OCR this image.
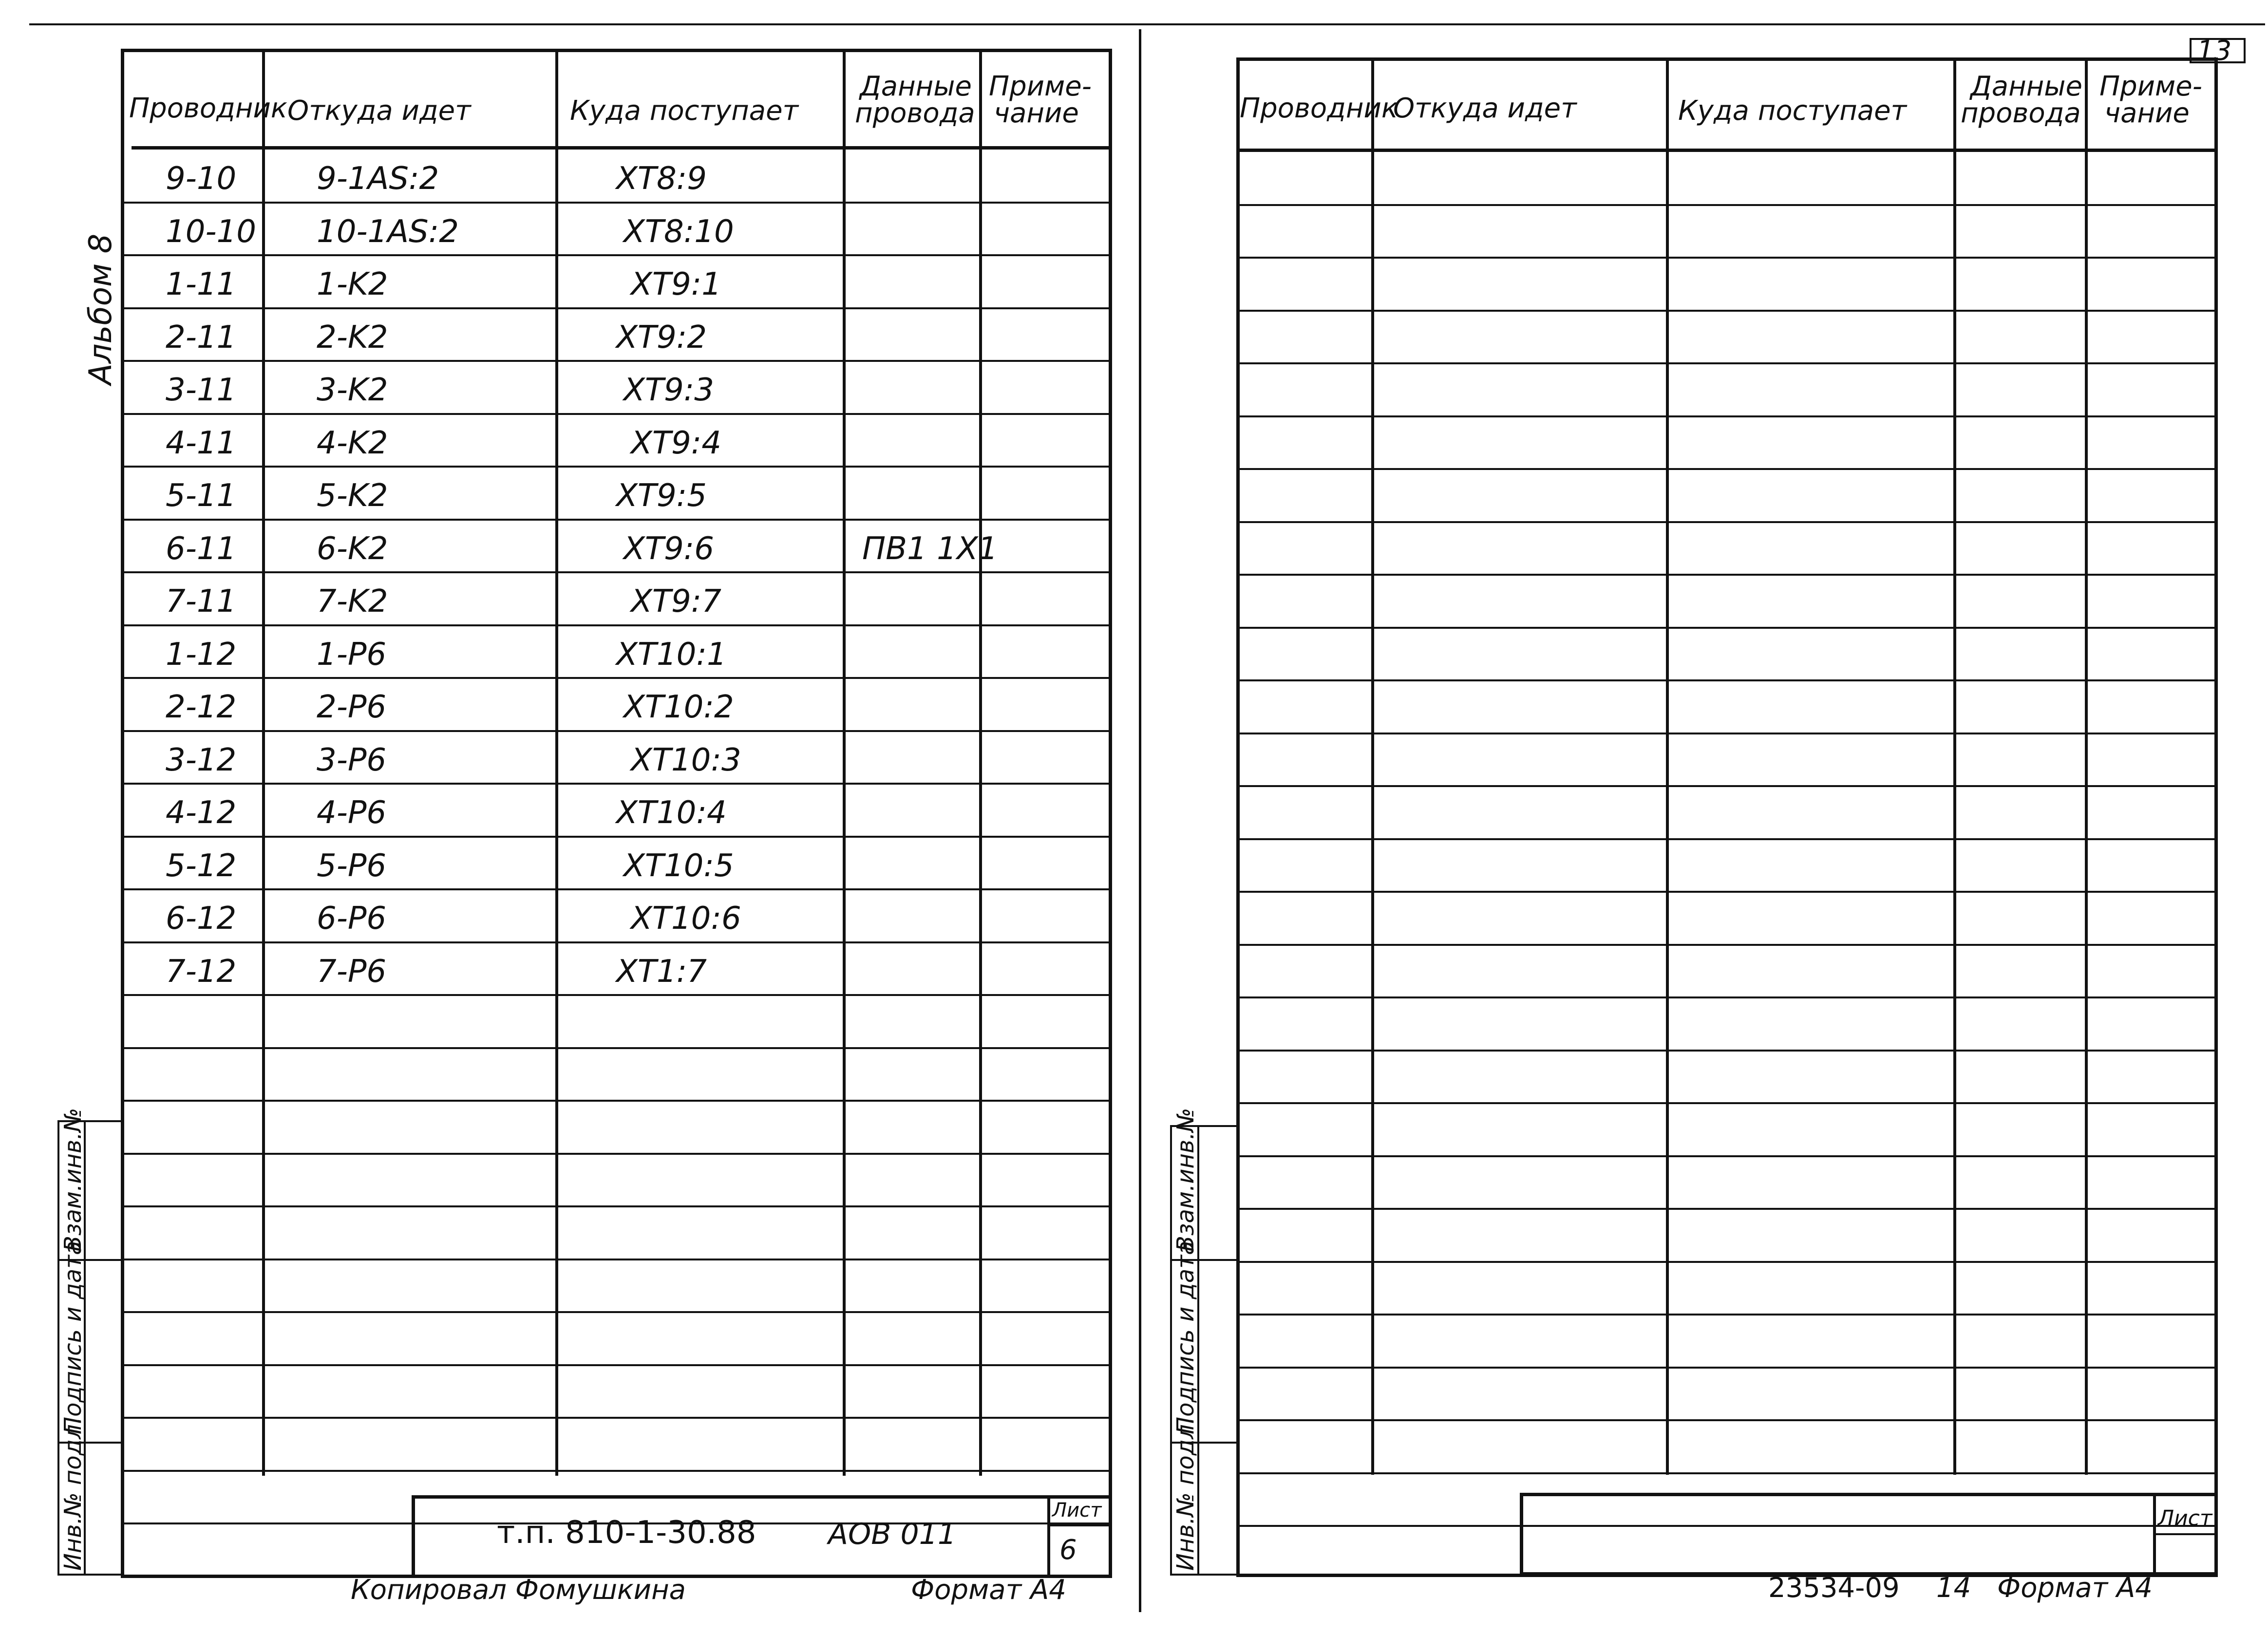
13
Альбом 8
Проводник Откуда идет	Куда поступает
Данные
провода
Приме-
чание
9-10	9-1AS:2	XT8:9
10-10 10-1AS:2	XT8:10
1-11	1-K2	XT9:1
2-11	2-K2	XT9:2
3-11	3-K2	XT9:3
4-11	4-K2	XT9:4
5-11	5-K2	XT9:5
6-11	6-K2	XT9:6	ПВ1 1X1
7-11	7-K2	XT9:7
1-12	1-P6	XT10:1
2-12	2-P6	XT10:2
3-12	3-P6	XT10:3
4-12	4-P6	XT10:4
5-12	5-P6	XT10:5
6-12	6-P6	XT10:6
7-12	7-P6	XT1:7
Взам.инв.№
Подпись и дата
Инв.№ подл.	т.п. 810-1-30.88 АОВ 011
Лист
6
Копировал Фомушкина	Формат А4
Проводник
Откуда идет	Куда поступает
Данные
провода
Приме-
чание
Взам.инв.№
Подпись и дата
Инв.№ подл.	Лист
23534-09 14 Формат А4
